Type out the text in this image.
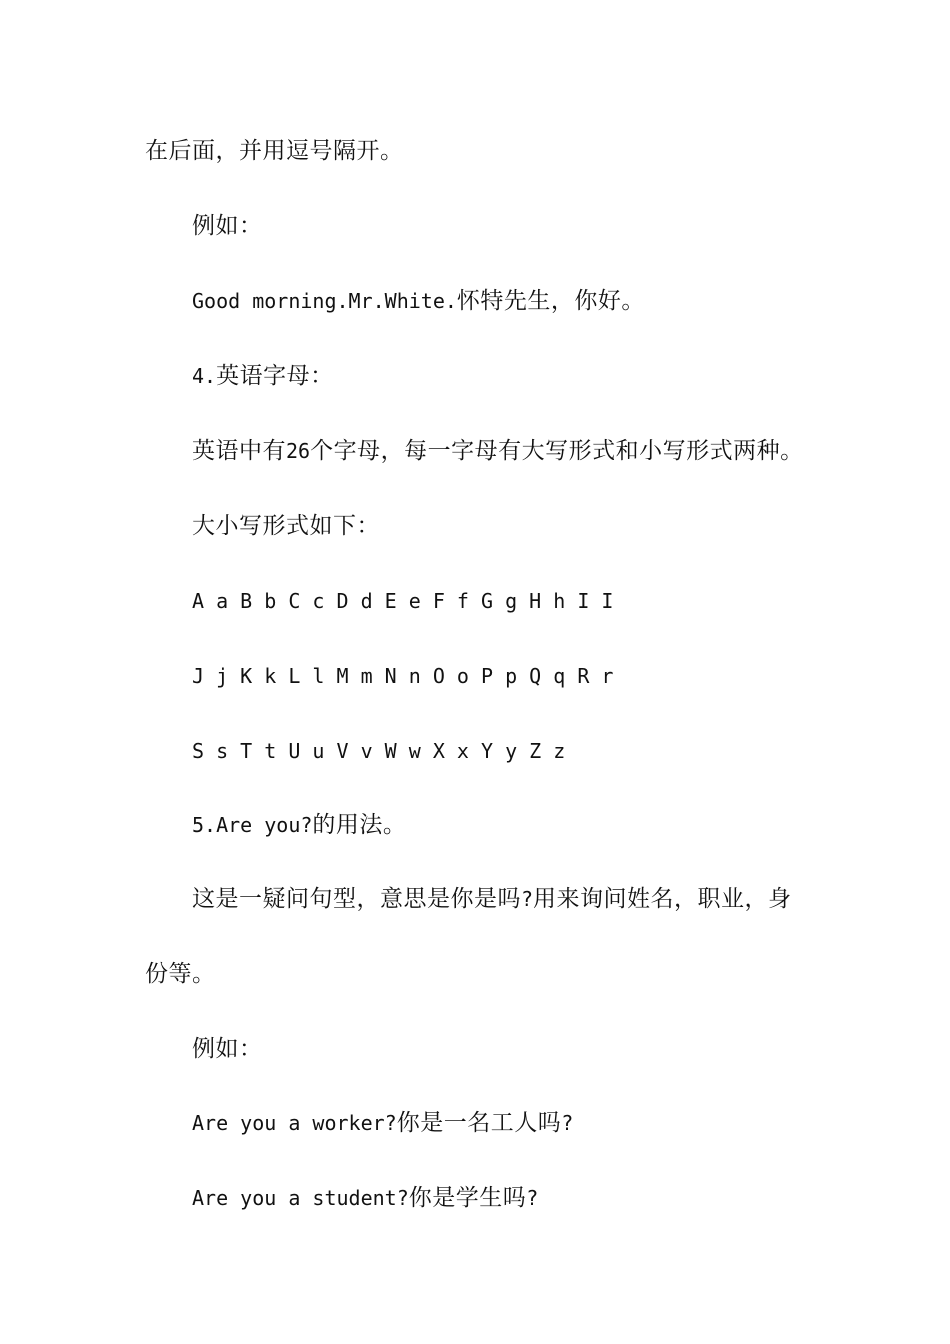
在后面，并用逗号隔开。
例如：
Good morning.Mr.White.怀特先生，你好。
4.英语字母：
英语中有26个字母，每一字母有大写形式和小写形式两种。
大小写形式如下：
A a B b C c D d E e F f G g H h I I
J j K k L l M m N n O o P p Q q R r
S s T t U u V v W w X x Y y Z z
5.Are you?的用法。
这是一疑问句型，意思是你是吗?用来询问姓名，职业，身
份等。
例如：
Are you a worker?你是一名工人吗?
Are you a student?你是学生吗?
